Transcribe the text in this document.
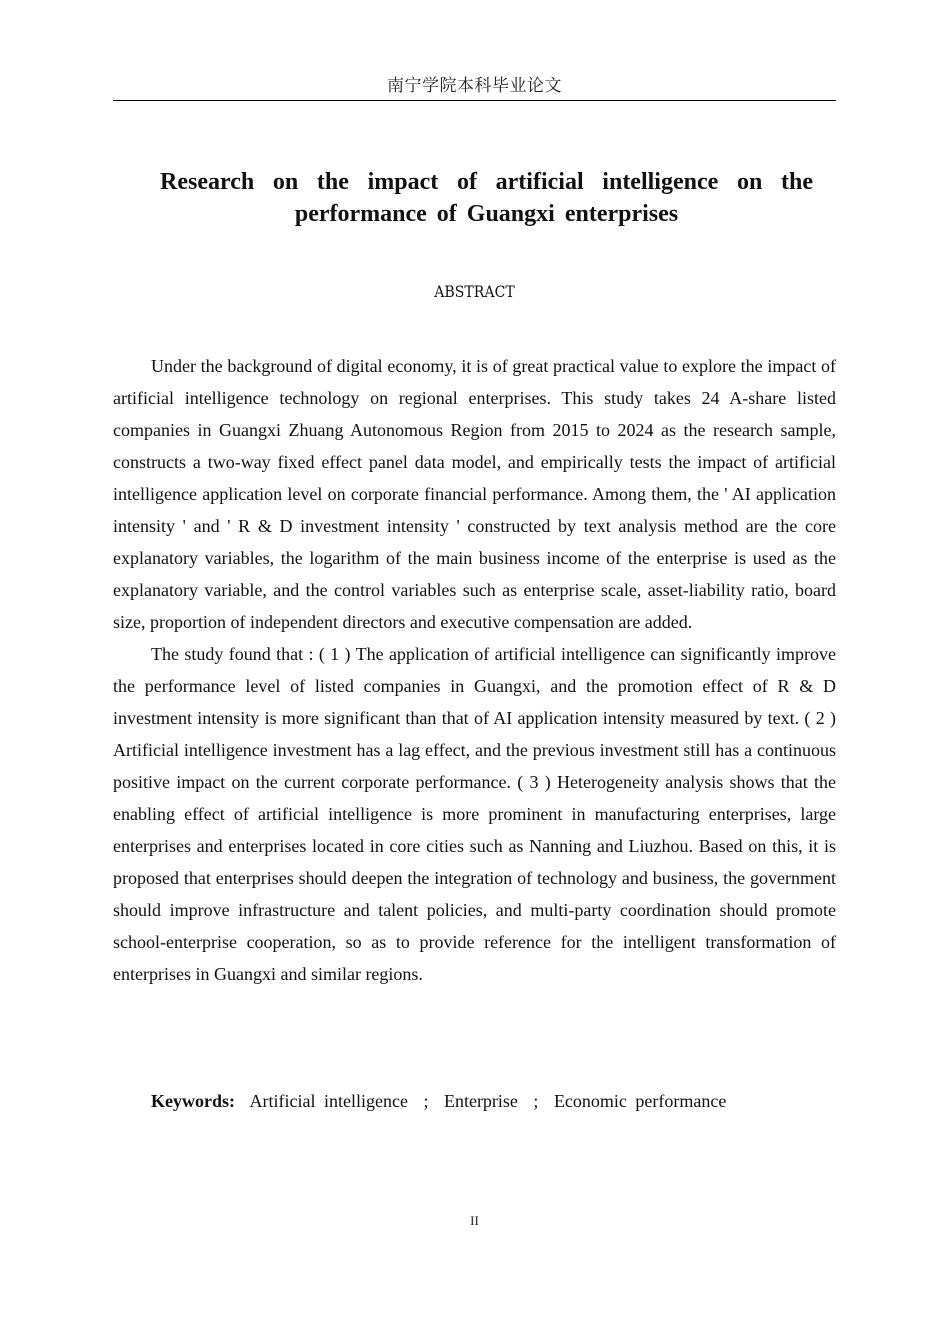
南宁学院本科毕业论文
Research on the impact of artificial intelligence on the performance of Guangxi enterprises
ABSTRACT

Under the background of digital economy, it is of great practical value to explore the impact of artificial intelligence technology on regional enterprises. This study takes 24 A-share listed companies in Guangxi Zhuang Autonomous Region from 2015 to 2024 as the research sample, constructs a two-way fixed effect panel data model, and empirically tests the impact of artificial intelligence application level on corporate financial performance. Among them, the ' AI application intensity ' and ' R & D investment intensity ' constructed by text analysis method are the core explanatory variables, the logarithm of the main business income of the enterprise is used as the explanatory variable, and the control variables such as enterprise scale, asset-liability ratio, board size, proportion of independent directors and executive compensation are added.

The study found that : ( 1 ) The application of artificial intelligence can significantly improve the performance level of listed companies in Guangxi, and the promotion effect of R & D investment intensity is more significant than that of AI application intensity measured by text. ( 2 ) Artificial intelligence investment has a lag effect, and the previous investment still has a continuous positive impact on the current corporate performance. ( 3 ) Heterogeneity analysis shows that the enabling effect of artificial intelligence is more prominent in manufacturing enterprises, large enterprises and enterprises located in core cities such as Nanning and Liuzhou. Based on this, it is proposed that enterprises should deepen the integration of technology and business, the government should improve infrastructure and talent policies, and multi-party coordination should promote school-enterprise cooperation, so as to provide reference for the intelligent transformation of enterprises in Guangxi and similar regions.

Keywords: Artificial intelligence ; Enterprise ; Economic performance
II
